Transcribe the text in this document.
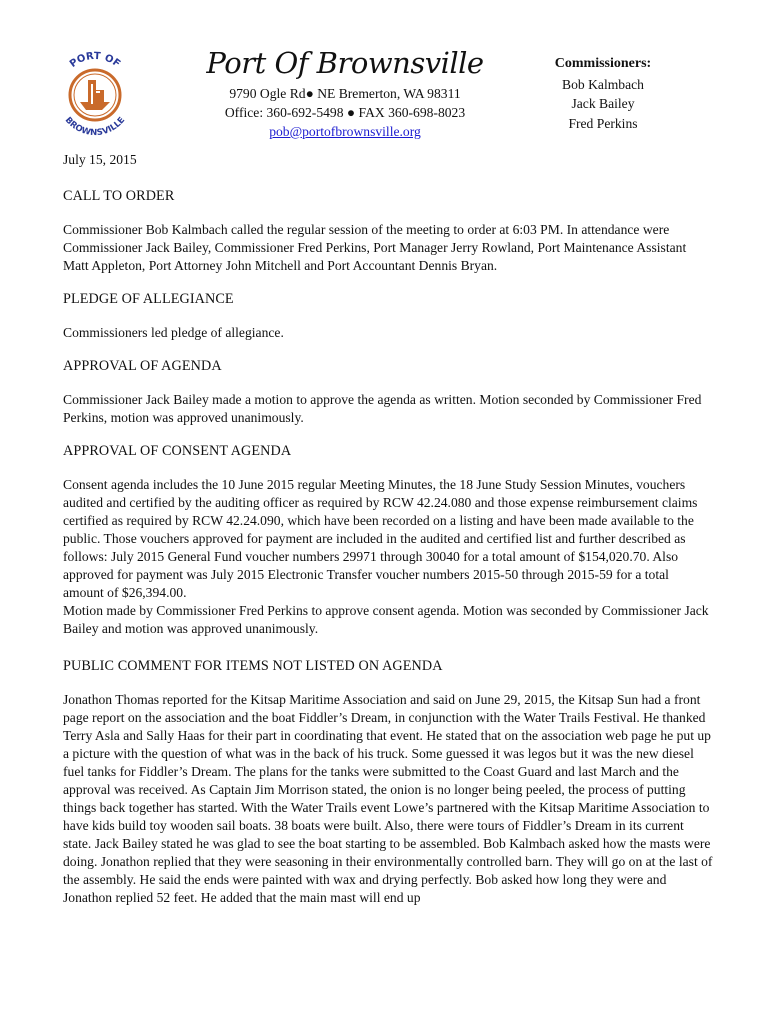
PORT OF
BROWNSVILLE
Port Of Brownsville
9790 Ogle Rd● NE Bremerton, WA 98311
Office: 360-692-5498 ● FAX 360-698-8023
pob@portofbrownsville.org
Commissioners:
Bob Kalmbach
Jack Bailey
Fred Perkins
July 15, 2015
CALL TO ORDER

Commissioner Bob Kalmbach called the regular session of the meeting to order at 6:03 PM. In attendance were Commissioner Jack Bailey, Commissioner Fred Perkins, Port Manager Jerry Rowland, Port Maintenance Assistant Matt Appleton, Port Attorney John Mitchell and Port Accountant Dennis Bryan.

PLEDGE OF ALLEGIANCE

Commissioners led pledge of allegiance.

APPROVAL OF AGENDA

Commissioner Jack Bailey made a motion to approve the agenda as written. Motion seconded by Commissioner Fred Perkins, motion was approved unanimously.

APPROVAL OF CONSENT AGENDA

Consent agenda includes the 10 June 2015 regular Meeting Minutes, the 18 June Study Session Minutes, vouchers audited and certified by the auditing officer as required by RCW 42.24.080 and those expense reimbursement claims certified as required by RCW 42.24.090, which have been recorded on a listing and have been made available to the public. Those vouchers approved for payment are included in the audited and certified list and further described as follows: July 2015 General Fund voucher numbers 29971 through 30040 for a total amount of $154,020.70. Also approved for payment was July 2015 Electronic Transfer voucher numbers 2015-50 through 2015-59 for a total amount of $26,394.00.

Motion made by Commissioner Fred Perkins to approve consent agenda. Motion was seconded by Commissioner Jack Bailey and motion was approved unanimously.

PUBLIC COMMENT FOR ITEMS NOT LISTED ON AGENDA

Jonathon Thomas reported for the Kitsap Maritime Association and said on June 29, 2015, the Kitsap Sun had a front page report on the association and the boat Fiddler’s Dream, in conjunction with the Water Trails Festival. He thanked Terry Asla and Sally Haas for their part in coordinating that event. He stated that on the association web page he put up a picture with the question of what was in the back of his truck. Some guessed it was legos but it was the new diesel fuel tanks for Fiddler’s Dream. The plans for the tanks were submitted to the Coast Guard and last March and the approval was received. As Captain Jim Morrison stated, the onion is no longer being peeled, the process of putting things back together has started. With the Water Trails event Lowe’s partnered with the Kitsap Maritime Association to have kids build toy wooden sail boats. 38 boats were built. Also, there were tours of Fiddler’s Dream in its current state. Jack Bailey stated he was glad to see the boat starting to be assembled. Bob Kalmbach asked how the masts were doing. Jonathon replied that they were seasoning in their environmentally controlled barn. They will go on at the last of the assembly. He said the ends were painted with wax and drying perfectly. Bob asked how long they were and Jonathon replied 52 feet. He added that the main mast will end up
